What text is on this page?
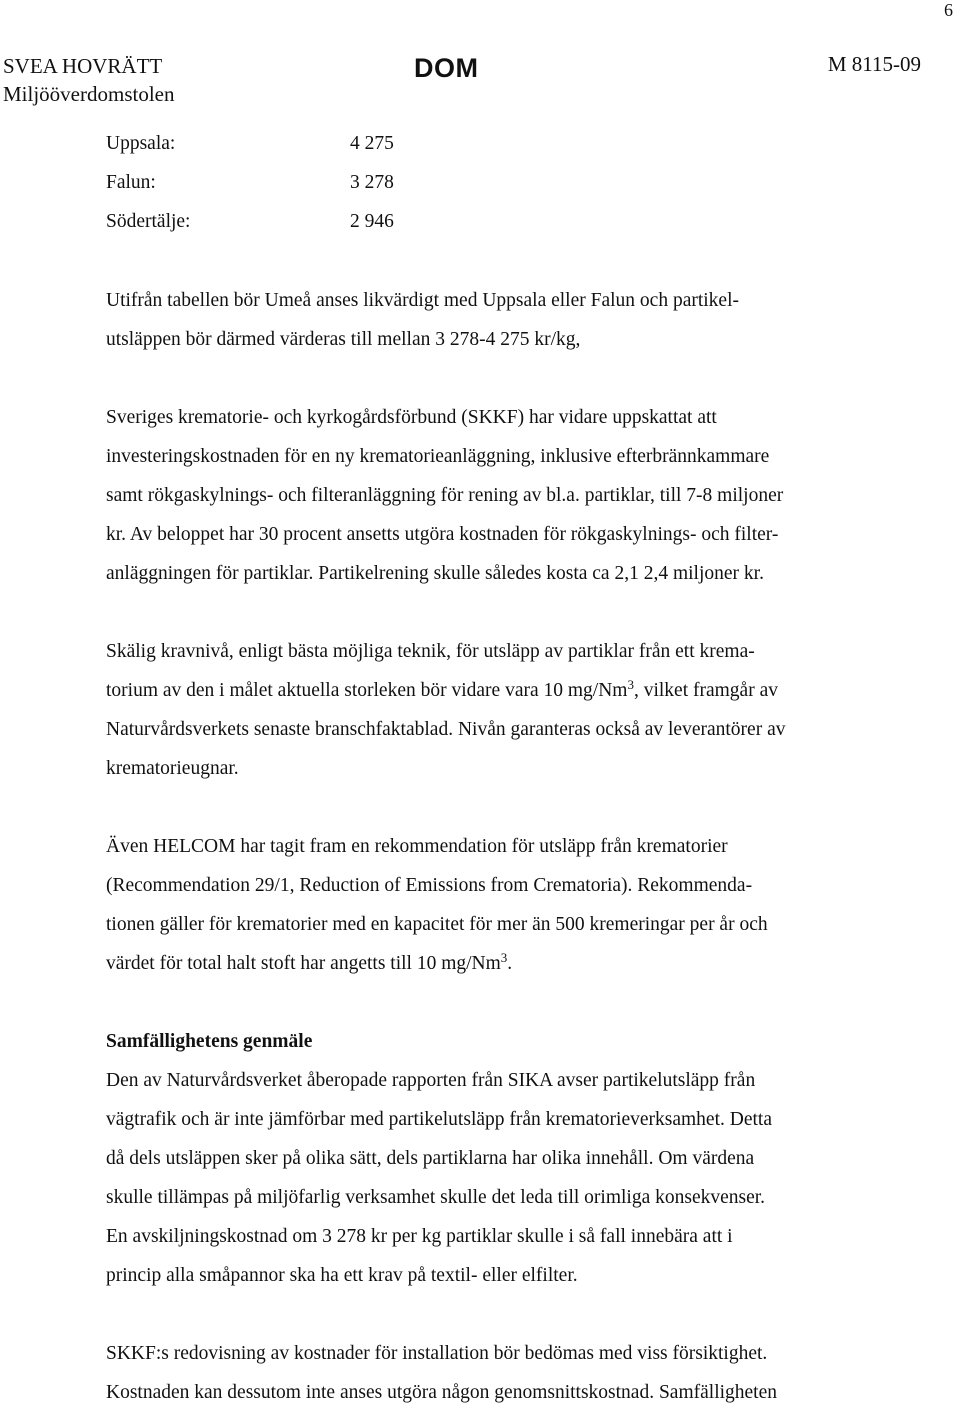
6
SVEA HOVRÄTT
Miljööverdomstolen
DOM	M 8115-09
Uppsala:	4 275
Falun:	3 278
Södertälje:	2 946

Utifrån tabellen bör Umeå anses likvärdigt med Uppsala eller Falun och partikel-
utsläppen bör därmed värderas till mellan 3 278-4 275 kr/kg,

Sveriges krematorie- och kyrkogårdsförbund (SKKF) har vidare uppskattat att
investeringskostnaden för en ny krematorieanläggning, inklusive efterbrännkammare
samt rökgaskylnings- och filteranläggning för rening av bl.a. partiklar, till 7-8 miljoner
kr. Av beloppet har 30 procent ansetts utgöra kostnaden för rökgaskylnings- och filter-
anläggningen för partiklar. Partikelrening skulle således kosta ca 2,1 2,4 miljoner kr.

Skälig kravnivå, enligt bästa möjliga teknik, för utsläpp av partiklar från ett krema-
torium av den i målet aktuella storleken bör vidare vara 10 mg/Nm$^3$, vilket framgår av
Naturvårdsverkets senaste branschfaktablad. Nivån garanteras också av leverantörer av
krematorieugnar.

Även HELCOM har tagit fram en rekommendation för utsläpp från krematorier
(Recommendation 29/1, Reduction of Emissions from Crematoria). Rekommenda-
tionen gäller för krematorier med en kapacitet för mer än 500 kremeringar per år och
värdet för total halt stoft har angetts till 10 mg/Nm$^3$.

Samfällighetens genmäle

Den av Naturvårdsverket åberopade rapporten från SIKA avser partikelutsläpp från
vägtrafik och är inte jämförbar med partikelutsläpp från krematorieverksamhet. Detta
då dels utsläppen sker på olika sätt, dels partiklarna har olika innehåll. Om värdena
skulle tillämpas på miljöfarlig verksamhet skulle det leda till orimliga konsekvenser.
En avskiljningskostnad om 3 278 kr per kg partiklar skulle i så fall innebära att i
princip alla småpannor ska ha ett krav på textil- eller elfilter.

SKKF:s redovisning av kostnader för installation bör bedömas med viss försiktighet.
Kostnaden kan dessutom inte anses utgöra någon genomsnittskostnad. Samfälligheten
